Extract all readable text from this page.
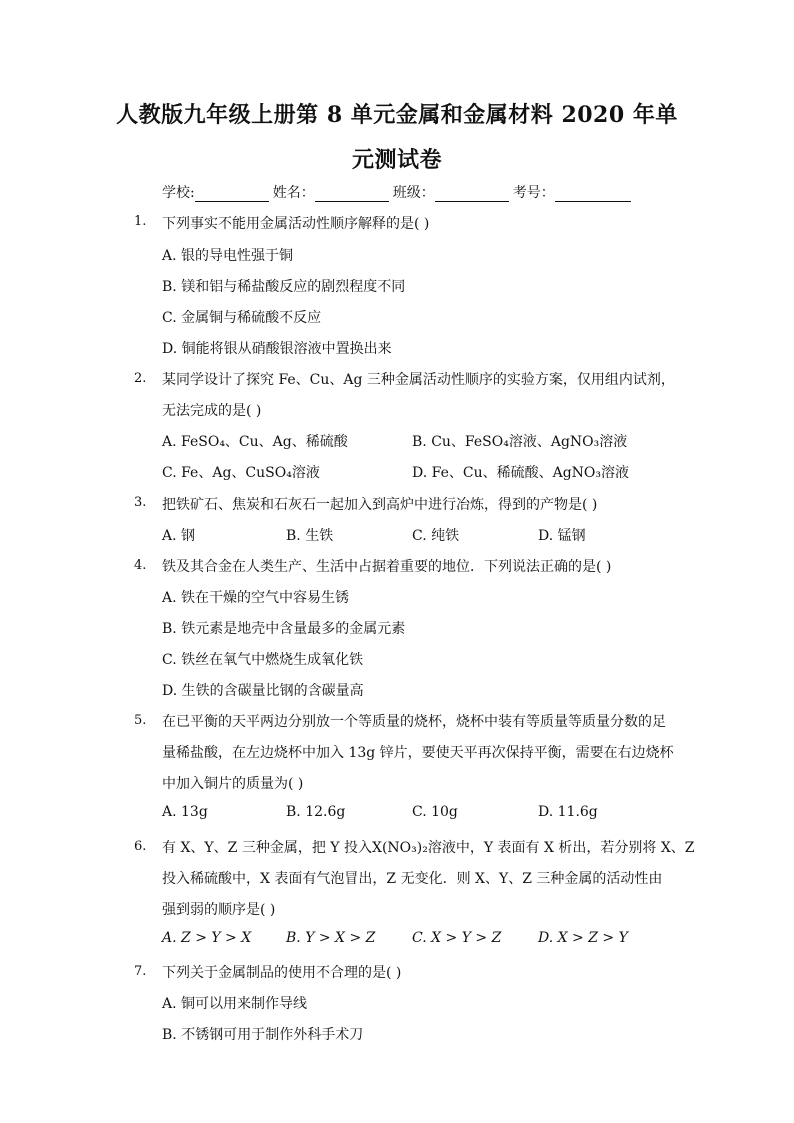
人教版九年级上册第 8 单元金属和金属材料 2020 年单
元测试卷
学校:	姓名：	班级：	考号：
1.	下列事实不能用金属活动性顺序解释的是( )
A. 银的导电性强于铜
B. 镁和铝与稀盐酸反应的剧烈程度不同
C. 金属铜与稀硫酸不反应
D. 铜能将银从硝酸银溶液中置换出来
2.	某同学设计了探究 Fe、Cu、Ag 三种金属活动性顺序的实验方案，仅用组内试剂，
无法完成的是( )
A. FeSO₄、Cu、Ag、稀硫酸	B. Cu、FeSO₄溶液、AgNO₃溶液
C. Fe、Ag、CuSO₄溶液	D. Fe、Cu、稀硫酸、AgNO₃溶液
3.	把铁矿石、焦炭和石灰石一起加入到高炉中进行冶炼，得到的产物是( )
A. 钢	B. 生铁	C. 纯铁	D. 锰钢
4.	铁及其合金在人类生产、生活中占据着重要的地位．下列说法正确的是( )
A. 铁在干燥的空气中容易生锈
B. 铁元素是地壳中含量最多的金属元素
C. 铁丝在氧气中燃烧生成氧化铁
D. 生铁的含碳量比钢的含碳量高
5.	在已平衡的天平两边分别放一个等质量的烧杯，烧杯中装有等质量等质量分数的足
量稀盐酸，在左边烧杯中加入 13g 锌片，要使天平再次保持平衡，需要在右边烧杯
中加入铜片的质量为( )
A. 13g	B. 12.6g	C. 10g	D. 11.6g
6.	有 X、Y、Z 三种金属，把 Y 投入X(NO₃)₂溶液中，Y 表面有 X 析出，若分别将 X、Z
投入稀硫酸中，X 表面有气泡冒出，Z 无变化．则 X、Y、Z 三种金属的活动性由
强到弱的顺序是( )
A. Z > Y > X B. Y > X > Z	C. X > Y > Z	D. X > Z > Y
7.	下列关于金属制品的使用不合理的是( )
A. 铜可以用来制作导线
B. 不锈钢可用于制作外科手术刀
